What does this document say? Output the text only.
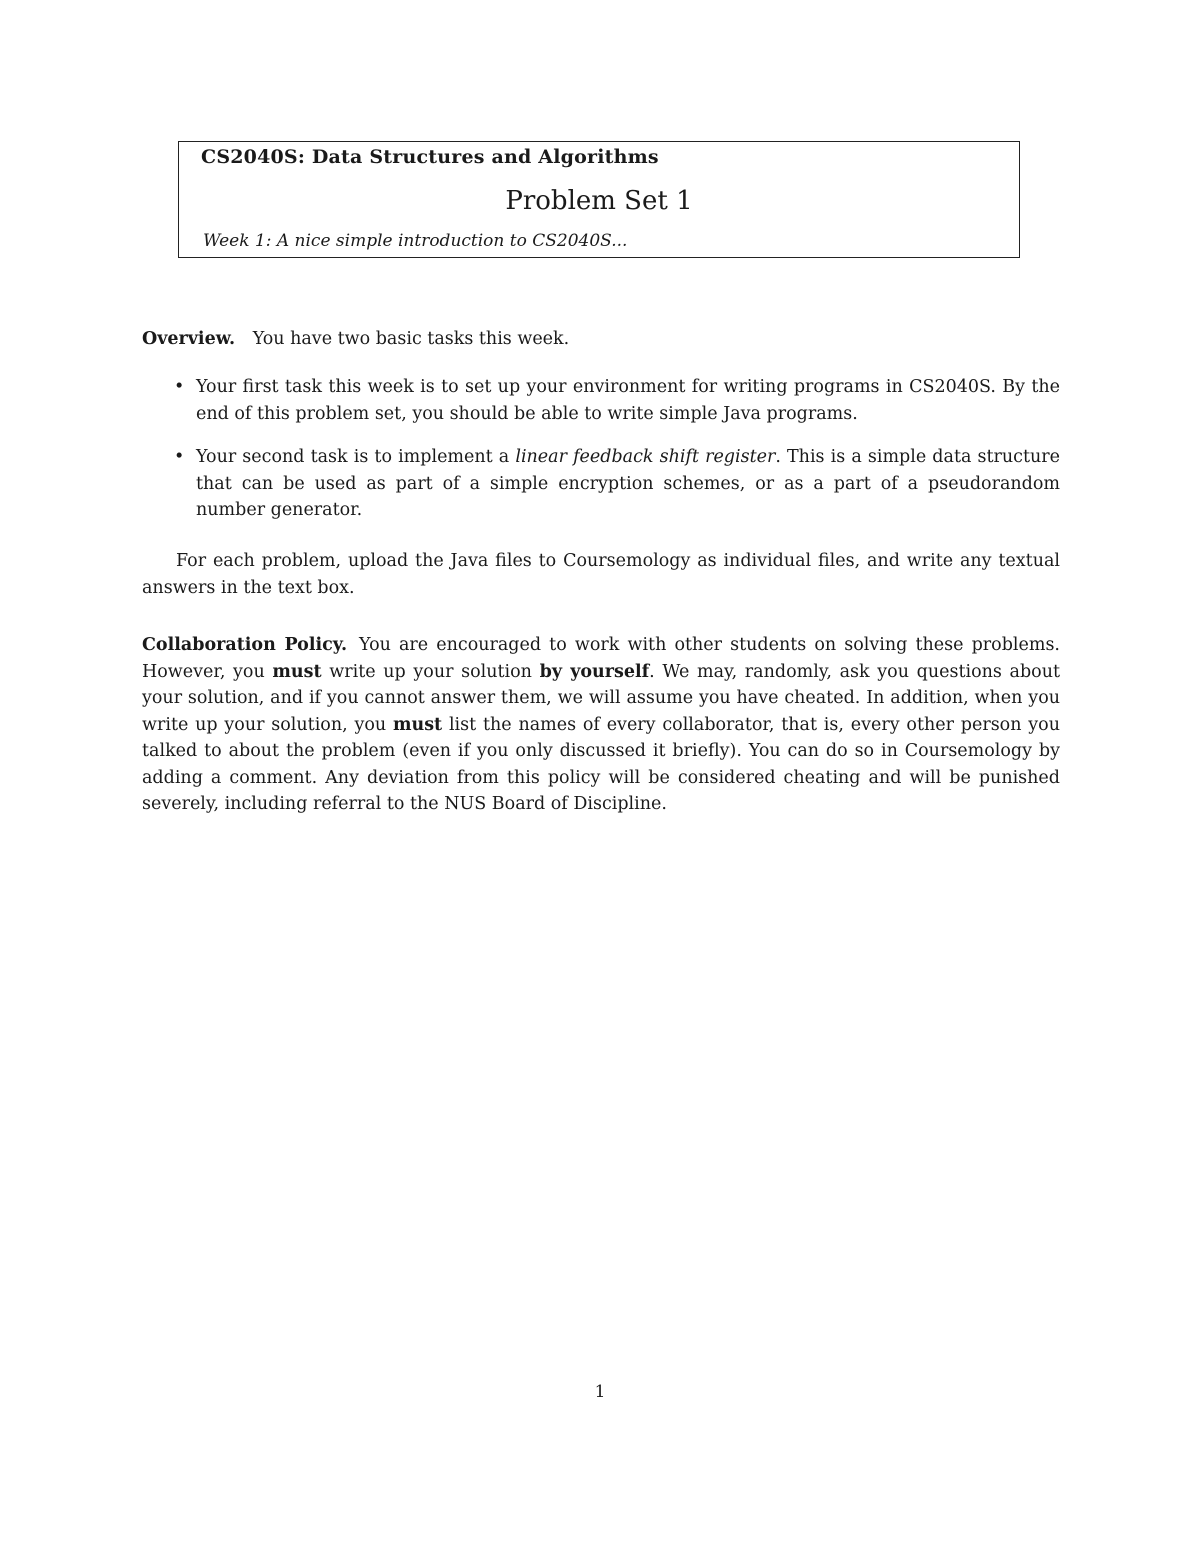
CS2040S: Data Structures and Algorithms
Problem Set 1
Week 1: A nice simple introduction to CS2040S...
Overview. You have two basic tasks this week.
• Your first task this week is to set up your environment for writing programs in CS2040S. By the end of this problem set, you should be able to write simple Java programs.
• Your second task is to implement a linear feedback shift register. This is a simple data structure that can be used as part of a simple encryption schemes, or as a part of a pseudorandom number generator.
For each problem, upload the Java files to Coursemology as individual files, and write any textual answers in the text box.
Collaboration Policy. You are encouraged to work with other students on solving these problems. However, you must write up your solution by yourself. We may, randomly, ask you questions about your solution, and if you cannot answer them, we will assume you have cheated. In addition, when you write up your solution, you must list the names of every collaborator, that is, every other person you talked to about the problem (even if you only discussed it briefly). You can do so in Coursemology by adding a comment. Any deviation from this policy will be considered cheating and will be punished severely, including referral to the NUS Board of Discipline.
1
